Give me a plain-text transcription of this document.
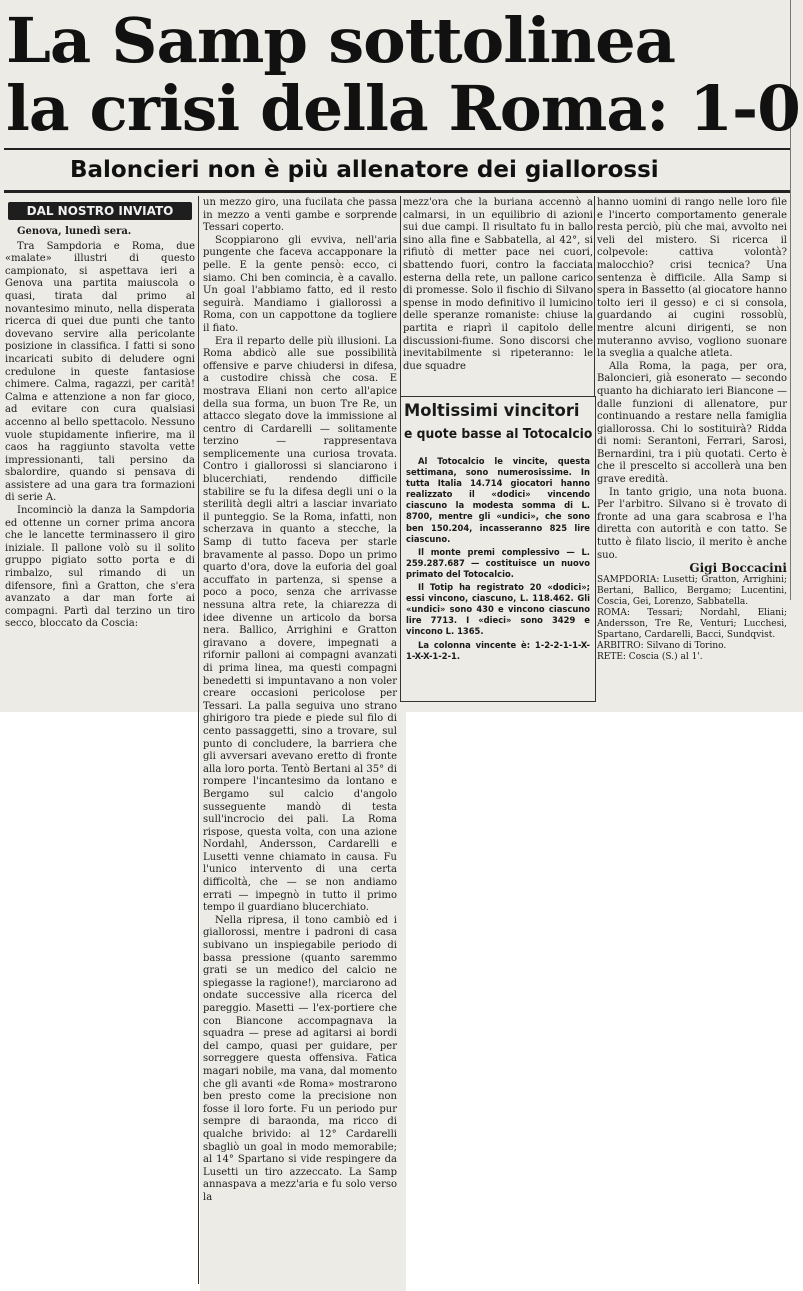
La Samp sottolinea
la crisi della Roma: 1-0
Baloncieri non è più allenatore dei giallorossi
DAL NOSTRO INVIATO
Genova, lunedì sera.

Tra Sampdoria e Roma, due «malate» illustri di questo campionato, si aspettava ieri a Genova una partita maiuscola o quasi, tirata dal primo al novantesimo minuto, nella disperata ricerca di quei due punti che tanto dovevano servire alla pericolante posizione in classifica. I fatti si sono incaricati subito di deludere ogni credulone in queste fantasiose chimere. Calma, ragazzi, per carità! Calma e attenzione a non far gioco, ad evitare con cura qualsiasi accenno al bello spettacolo. Nessuno vuole stupidamente infierire, ma il caos ha raggiunto stavolta vette impressionanti, tali persino da sbalordire, quando si pensava di assistere ad una gara tra formazioni di serie A.

Incominciò la danza la Sampdoria ed ottenne un corner prima ancora che le lancette terminassero il giro iniziale. Il pallone volò su il solito gruppo pigiato sotto porta e di rimbalzo, sul rimando di un difensore, finì a Gratton, che s'era avanzato a dar man forte ai compagni. Partì dal terzino un tiro secco, bloccato da Coscia:

un mezzo giro, una fucilata che passa in mezzo a venti gambe e sorprende Tessari coperto.

Scoppiarono gli evviva, nell'aria pungente che faceva accapponare la pelle. E la gente pensò: ecco, ci siamo. Chi ben comincia, è a cavallo. Un goal l'abbiamo fatto, ed il resto seguirà. Mandiamo i giallorossi a Roma, con un cappottone da togliere il fiato.

Era il reparto delle più illusioni. La Roma abdicò alle sue possibilità offensive e parve chiudersi in difesa, a custodire chissà che cosa. E mostrava Eliani non certo all'apice della sua forma, un buon Tre Re, un attacco slegato dove la immissione al centro di Cardarelli — solitamente terzino — rappresentava semplicemente una curiosa trovata. Contro i giallorossi si slanciarono i blucerchiati, rendendo difficile stabilire se fu la difesa degli uni o la sterilità degli altri a lasciar invariato il punteggio. Se la Roma, infatti, non scherzava in quanto a stecche, la Samp di tutto faceva per starle bravamente al passo. Dopo un primo quarto d'ora, dove la euforia del goal accuffato in partenza, si spense a poco a poco, senza che arrivasse nessuna altra rete, la chiarezza di idee divenne un articolo da borsa nera. Ballico, Arrighini e Gratton giravano a dovere, impegnati a rifornir palloni ai compagni avanzati di prima linea, ma questi compagni benedetti si impuntavano a non voler creare occasioni pericolose per Tessari. La palla seguiva uno strano ghirigoro tra piede e piede sul filo di cento passaggetti, sino a trovare, sul punto di concludere, la barriera che gli avversari avevano eretto di fronte alla loro porta. Tentò Bertani al 35° di rompere l'incantesimo da lontano e Bergamo sul calcio d'angolo susseguente mandò di testa sull'incrocio dei pali. La Roma rispose, questa volta, con una azione Nordahl, Andersson, Cardarelli e Lusetti venne chiamato in causa. Fu l'unico intervento di una certa difficoltà, che — se non andiamo errati — impegnò in tutto il primo tempo il guardiano blucerchiato.

Nella ripresa, il tono cambiò ed i giallorossi, mentre i padroni di casa subivano un inspiegabile periodo di bassa pressione (quanto saremmo grati se un medico del calcio ne spiegasse la ragione!), marciarono ad ondate successive alla ricerca del pareggio. Masetti — l'ex-portiere che con Biancone accompagnava la squadra — prese ad agitarsi ai bordi del campo, quasi per guidare, per sorreggere questa offensiva. Fatica magari nobile, ma vana, dal momento che gli avanti «de Roma» mostrarono ben presto come la precisione non fosse il loro forte. Fu un periodo pur sempre di baraonda, ma ricco di qualche brivido: al 12° Cardarelli sbagliò un goal in modo memorabile; al 14° Spartano si vide respingere da Lusetti un tiro azzeccato. La Samp annaspava a mezz'aria e fu solo verso la

mezz'ora che la buriana accennò a calmarsi, in un equilibrio di azioni sui due campi. Il risultato fu in ballo sino alla fine e Sabbatella, al 42°, si rifiutò di metter pace nei cuori, sbattendo fuori, contro la facciata esterna della rete, un pallone carico di promesse. Solo il fischio di Silvano spense in modo definitivo il lumicino delle speranze romaniste: chiuse la partita e riaprì il capitolo delle discussioni-fiume. Sono discorsi che inevitabilmente si ripeteranno: le due squadre

Moltissimi vincitori
e quote basse al Totocalcio

Al Totocalcio le vincite, questa settimana, sono numerosissime. In tutta Italia 14.714 giocatori hanno realizzato il «dodici» vincendo ciascuno la modesta somma di L. 8700, mentre gli «undici», che sono ben 150.204, incasseranno 825 lire ciascuno.

Il monte premi complessivo — L. 259.287.687 — costituisce un nuovo primato del Totocalcio.

Il Totip ha registrato 20 «dodici»; essi vincono, ciascuno, L. 118.462. Gli «undici» sono 430 e vincono ciascuno lire 7713. I «dieci» sono 3429 e vincono L. 1365.

La colonna vincente è: 1-2-2-1-1-X-1-X-X-1-2-1.

hanno uomini di rango nelle loro file e l'incerto comportamento generale resta perciò, più che mai, avvolto nei veli del mistero. Si ricerca il colpevole: cattiva volontà? malocchio? crisi tecnica? Una sentenza è difficile. Alla Samp si spera in Bassetto (al giocatore hanno tolto ieri il gesso) e ci si consola, guardando ai cugini rossoblù, mentre alcuni dirigenti, se non muteranno avviso, vogliono suonare la sveglia a qualche atleta.

Alla Roma, la paga, per ora, Baloncieri, già esonerato — secondo quanto ha dichiarato ieri Biancone — dalle funzioni di allenatore, pur continuando a restare nella famiglia giallorossa. Chi lo sostituirà? Ridda di nomi: Serantoni, Ferrari, Sarosi, Bernardini, tra i più quotati. Certo è che il prescelto si accollerà una ben grave eredità.

In tanto grigio, una nota buona. Per l'arbitro. Silvano si è trovato di fronte ad una gara scabrosa e l'ha diretta con autorità e con tatto. Se tutto è filato liscio, il merito è anche suo.

Gigi Boccacini

SAMPDORIA: Lusetti; Gratton, Arrighini; Bertani, Ballico, Bergamo; Lucentini, Coscia, Gei, Lorenzo, Sabbatella.

ROMA: Tessari; Nordahl, Eliani; Andersson, Tre Re, Venturi; Lucchesi, Spartano, Cardarelli, Bacci, Sundqvist.

ARBITRO: Silvano di Torino.

RETE: Coscia (S.) al 1'.
